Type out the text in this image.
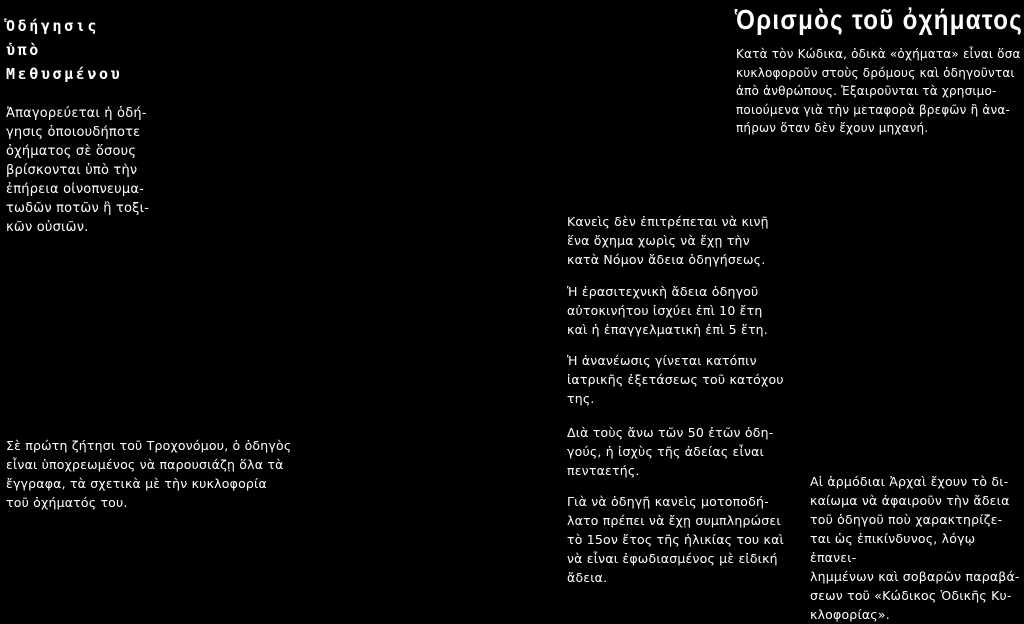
Ὁδήγησις
ὑπὸ
Μεθυσμένου
Ἀπαγορεύεται ἡ ὁδή-
γησις ὁποιουδήποτε
ὀχήματος σὲ ὅσους
βρίσκονται ὑπὸ τὴν
ἐπήρεια οἰνοπνευμα-
τωδῶν ποτῶν ἢ τοξι-
κῶν οὐσιῶν.
Σὲ πρώτη ζήτησι τοῦ Τροχονόμου, ὁ ὁδηγὸς
εἶναι ὑποχρεωμένος νὰ παρουσιάζῃ ὅλα τὰ
ἔγγραφα, τὰ σχετικὰ μὲ τὴν κυκλοφορία
τοῦ ὀχήματός του.
Κανεὶς δὲν ἐπιτρέπεται νὰ κινῇ
ἕνα ὄχημα χωρὶς νὰ ἔχῃ τὴν
κατὰ Νόμον ἄδεια ὁδηγήσεως.
Ἡ ἐρασιτεχνικὴ ἄδεια ὁδηγοῦ
αὐτοκινήτου ἰσχύει ἐπὶ 10 ἔτη
καὶ ἡ ἐπαγγελματικὴ ἐπὶ 5 ἔτη.
Ἡ ἀνανέωσις γίνεται κατόπιν
ἰατρικῆς ἐξετάσεως τοῦ κατόχου
της.
Διὰ τοὺς ἄνω τῶν 50 ἐτῶν ὁδη-
γούς, ἡ ἰσχὺς τῆς ἀδείας εἶναι
πενταετής.
Γιὰ νὰ ὁδηγῇ κανεὶς μοτοποδή-
λατο πρέπει νὰ ἔχῃ συμπληρώσει
τὸ 15ον ἔτος τῆς ἡλικίας του καὶ
νὰ εἶναι ἐφωδιασμένος μὲ εἰδική
ἄδεια.
Ὁρισμὸς τοῦ ὀχήματος
Κατὰ τὸν Κώδικα, ὀδικὰ «ὀχήματα» εἶναι ὅσα
κυκλοφοροῦν στοὺς δρόμους καὶ ὁδηγοῦνται
ἀπὸ ἀνθρώπους. Ἐξαιροῦνται τὰ χρησιμο-
ποιούμενα γιὰ τὴν μεταφορὰ βρεφῶν ἢ ἀνα-
πήρων ὅταν δὲν ἔχουν μηχανή.
Αἱ ἁρμόδιαι Ἀρχαὶ ἔχουν τὸ δι-
καίωμα νὰ ἀφαιροῦν τὴν ἄδεια
τοῦ ὁδηγοῦ ποὺ χαρακτηρίζε-
ται ὡς ἐπικίνδυνος, λόγῳ ἐπανει-
λημμένων καὶ σοβαρῶν παραβά-
σεων τοῦ «Κώδικος Ὁδικῆς Κυ-
κλοφορίας».
